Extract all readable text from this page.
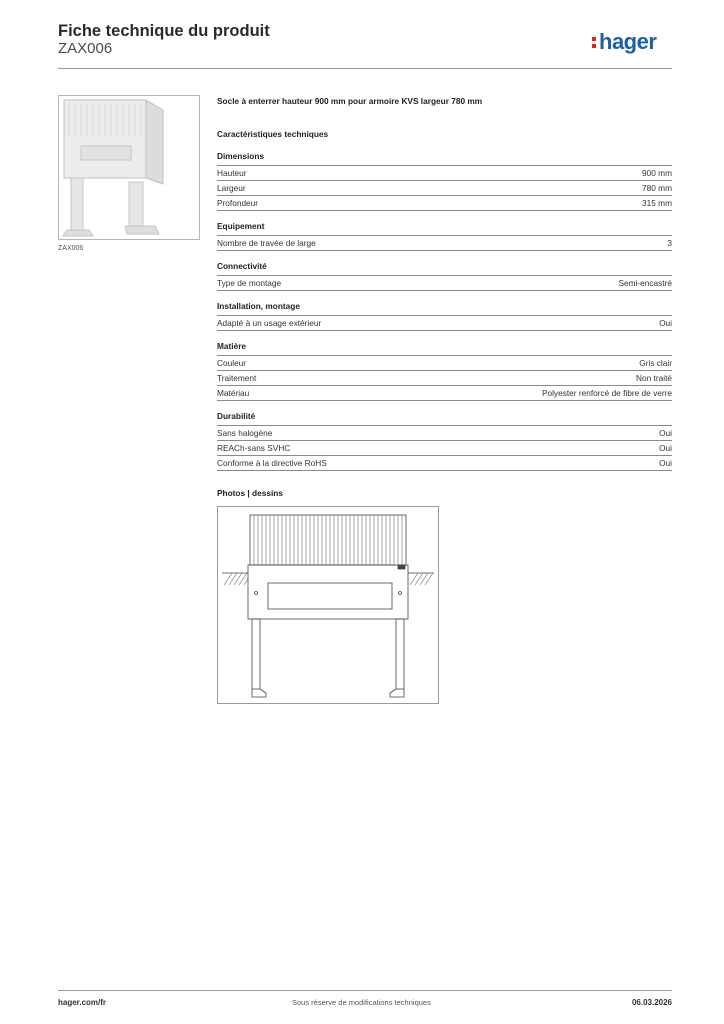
Fiche technique du produit
ZAX006	hager
ZAX006
Socle à enterrer hauteur 900 mm pour armoire KVS largeur 780 mm
Caractéristiques techniques
Dimensions
Hauteur	900 mm
Largeur	780 mm
Profondeur	315 mm
Equipement
Nombre de travée de large	3
Connectivité
Type de montage	Semi-encastré
Installation, montage
Adapté à un usage extérieur	Oui
Matière
Couleur	Gris clair
Traitement	Non traité
Matériau	Polyester renforcé de fibre de verre
Durabilité
Sans halogène	Oui
REACh-sans SVHC	Oui
Conforme à la directive RoHS	Oui
Photos | dessins
hager.com/fr	Sous réserve de modifications techniques	06.03.2026
